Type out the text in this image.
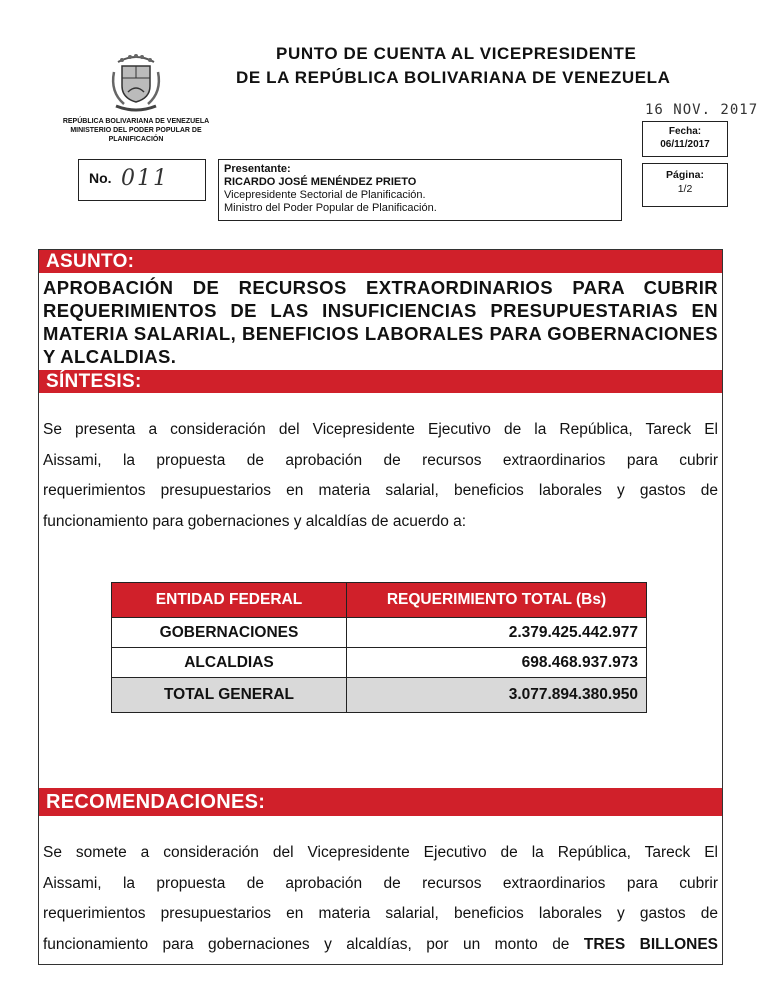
REPÚBLICA BOLIVARIANA DE VENEZUELA
MINISTERIO DEL PODER POPULAR DE
PLANIFICACIÓN
PUNTO DE CUENTA AL VICEPRESIDENTE
DE LA REPÚBLICA BOLIVARIANA DE VENEZUELA
16 NOV. 2017
Fecha:
06/11/2017
Página:
1/2
No. 011	Presentante:
RICARDO JOSÉ MENÉNDEZ PRIETO
Vicepresidente Sectorial de Planificación.
Ministro del Poder Popular de Planificación.
ASUNTO:
APROBACIÓN DE RECURSOS EXTRAORDINARIOS PARA CUBRIR REQUERIMIENTOS DE LAS INSUFICIENCIAS PRESUPUESTARIAS EN MATERIA SALARIAL, BENEFICIOS LABORALES PARA GOBERNACIONES Y ALCALDIAS.
SÍNTESIS:
Se presenta a consideración del Vicepresidente Ejecutivo de la República, Tareck El
Aissami, la propuesta de aprobación de recursos extraordinarios para cubrir
requerimientos presupuestarios en materia salarial, beneficios laborales y gastos de
funcionamiento para gobernaciones y alcaldías de acuerdo a:
ENTIDAD FEDERAL	REQUERIMIENTO TOTAL (Bs)
GOBERNACIONES	2.379.425.442.977
ALCALDIAS	698.468.937.973
TOTAL GENERAL	3.077.894.380.950
RECOMENDACIONES:
Se somete a consideración del Vicepresidente Ejecutivo de la República, Tareck El
Aissami, la propuesta de aprobación de recursos extraordinarios para cubrir
requerimientos presupuestarios en materia salarial, beneficios laborales y gastos de
funcionamiento para gobernaciones y alcaldías, por un monto de TRES BILLONES
